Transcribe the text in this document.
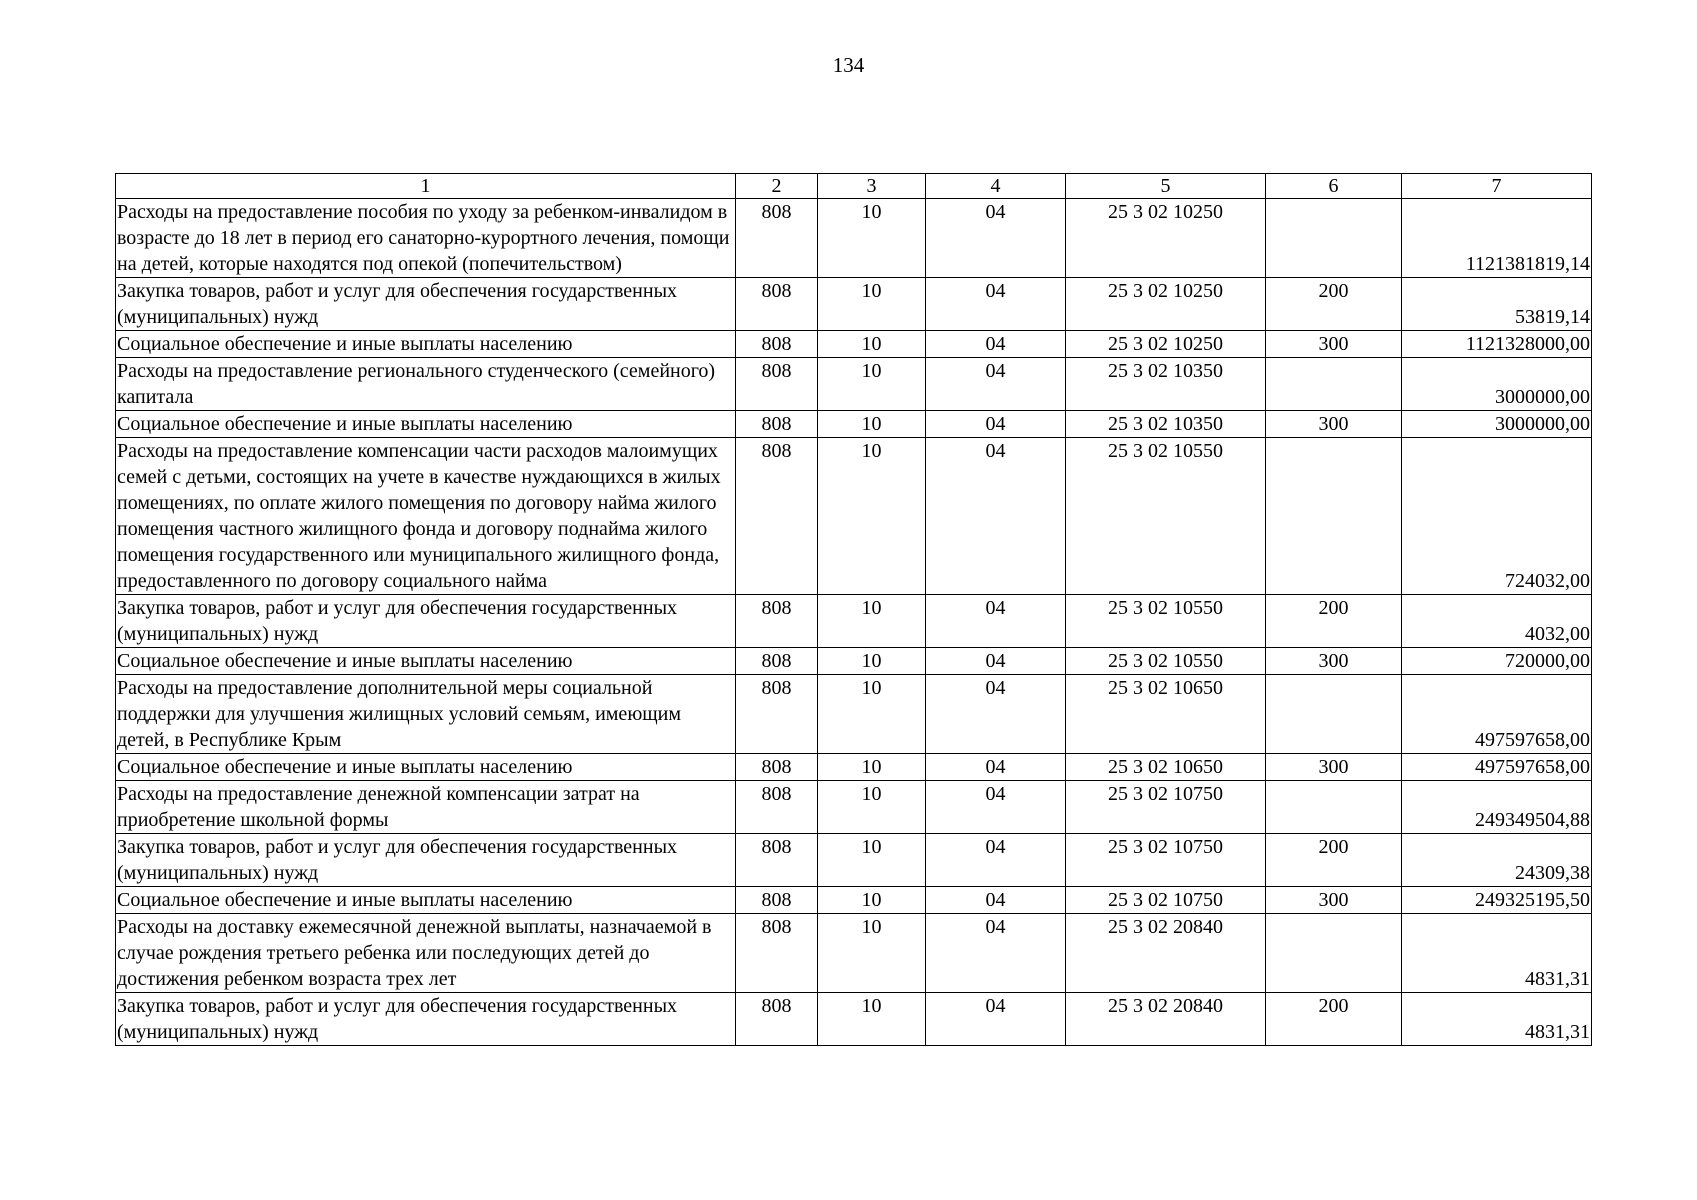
134
1	2	3	4	5	6	7
Расходы на предоставление пособия по уходу за ребенком-инвалидом в возрасте до 18 лет в период его санаторно-курортного лечения, помощи на детей, которые находятся под опекой (попечительством)	808	10	04	25 3 02 10250		1121381819,14
Закупка товаров, работ и услуг для обеспечения государственных (муниципальных) нужд	808	10	04	25 3 02 10250	200	53819,14
Социальное обеспечение и иные выплаты населению	808	10	04	25 3 02 10250	300	1121328000,00
Расходы на предоставление регионального студенческого (семейного) капитала	808	10	04	25 3 02 10350		3000000,00
Социальное обеспечение и иные выплаты населению	808	10	04	25 3 02 10350	300	3000000,00
Расходы на предоставление компенсации части расходов малоимущих семей с детьми, состоящих на учете в качестве нуждающихся в жилых помещениях, по оплате жилого помещения по договору найма жилого помещения частного жилищного фонда и договору поднайма жилого помещения государственного или муниципального жилищного фонда, предоставленного по договору социального найма	808	10	04	25 3 02 10550		724032,00
Закупка товаров, работ и услуг для обеспечения государственных (муниципальных) нужд	808	10	04	25 3 02 10550	200	4032,00
Социальное обеспечение и иные выплаты населению	808	10	04	25 3 02 10550	300	720000,00
Расходы на предоставление дополнительной меры социальной поддержки для улучшения жилищных условий семьям, имеющим детей, в Республике Крым	808	10	04	25 3 02 10650		497597658,00
Социальное обеспечение и иные выплаты населению	808	10	04	25 3 02 10650	300	497597658,00
Расходы на предоставление денежной компенсации затрат на приобретение школьной формы	808	10	04	25 3 02 10750		249349504,88
Закупка товаров, работ и услуг для обеспечения государственных (муниципальных) нужд	808	10	04	25 3 02 10750	200	24309,38
Социальное обеспечение и иные выплаты населению	808	10	04	25 3 02 10750	300	249325195,50
Расходы на доставку ежемесячной денежной выплаты, назначаемой в случае рождения третьего ребенка или последующих детей до достижения ребенком возраста трех лет	808	10	04	25 3 02 20840		4831,31
Закупка товаров, работ и услуг для обеспечения государственных (муниципальных) нужд	808	10	04	25 3 02 20840	200	4831,31
